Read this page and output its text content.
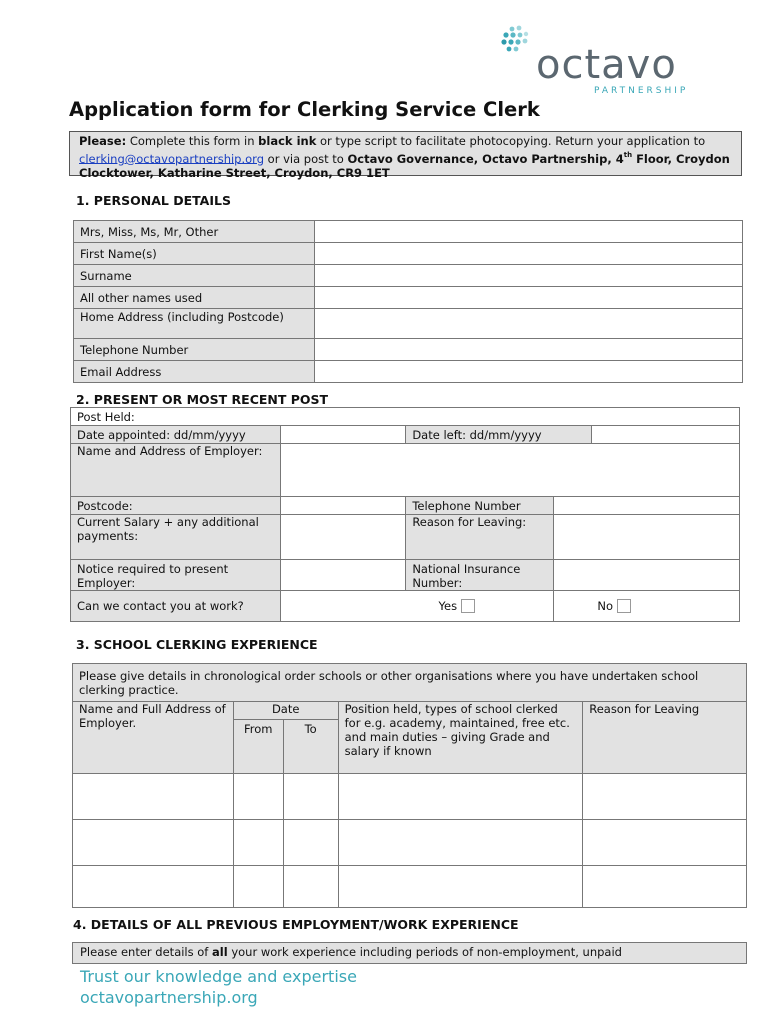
octavo
PARTNERSHIP
Application form for Clerking Service Clerk
Please: Complete this form in black ink or type script to facilitate photocopying. Return your application to clerking@octavopartnership.org or via post to Octavo Governance, Octavo Partnership, 4th Floor, Croydon Clocktower, Katharine Street, Croydon, CR9 1ET
1. PERSONAL DETAILS
Mrs, Miss, Ms, Mr, Other	
First Name(s)	
Surname	
All other names used	
Home Address (including Postcode)	
Telephone Number	
Email Address	
2. PRESENT OR MOST RECENT POST
Post Held:				
Date appointed: dd/mm/yyyy		Date left: dd/mm/yyyy		
Name and Address of Employer:				
Postcode:		Telephone Number		
Current Salary + any additional payments:		Reason for Leaving:		
Notice required to present Employer:		National Insurance Number:		
Can we contact you at work?	Yes		No	
3. SCHOOL CLERKING EXPERIENCE
Please give details in chronological order schools or other organisations where you have undertaken school clerking practice.				
Name and Full Address of Employer.	Date		Position held, types of school clerked for e.g. academy, maintained, free etc. and main duties – giving Grade and salary if known	Reason for Leaving
	From	To		

4. DETAILS OF ALL PREVIOUS EMPLOYMENT/WORK EXPERIENCE
Please enter details of all your work experience including periods of non-employment, unpaid
Trust our knowledge and expertise
octavopartnership.org
